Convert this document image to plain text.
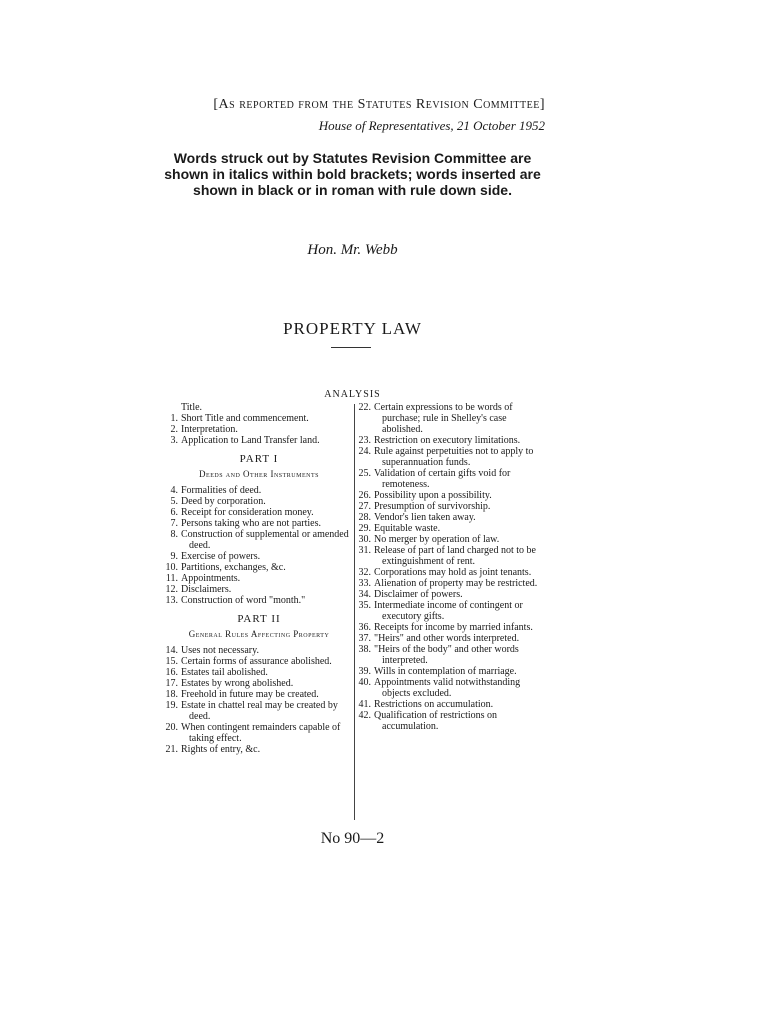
[As reported from the Statutes Revision Committee]
House of Representatives, 21 October 1952
Words struck out by Statutes Revision Committee are shown in italics within bold brackets; words inserted are shown in black or in roman with rule down side.
Hon. Mr. Webb
PROPERTY LAW
ANALYSIS
Title.
1. Short Title and commencement.
2. Interpretation.
3. Application to Land Transfer land.
PART I
Deeds and Other Instruments
4. Formalities of deed.
5. Deed by corporation.
6. Receipt for consideration money.
7. Persons taking who are not parties.
8. Construction of supplemental or amended deed.
9. Exercise of powers.
10. Partitions, exchanges, &c.
11. Appointments.
12. Disclaimers.
13. Construction of word "month."
PART II
General Rules Affecting Property
14. Uses not necessary.
15. Certain forms of assurance abolished.
16. Estates tail abolished.
17. Estates by wrong abolished.
18. Freehold in future may be created.
19. Estate in chattel real may be created by deed.
20. When contingent remainders capable of taking effect.
21. Rights of entry, &c.
22. Certain expressions to be words of purchase; rule in Shelley's case abolished.
23. Restriction on executory limitations.
24. Rule against perpetuities not to apply to superannuation funds.
25. Validation of certain gifts void for remoteness.
26. Possibility upon a possibility.
27. Presumption of survivorship.
28. Vendor's lien taken away.
29. Equitable waste.
30. No merger by operation of law.
31. Release of part of land charged not to be extinguishment of rent.
32. Corporations may hold as joint tenants.
33. Alienation of property may be restricted.
34. Disclaimer of powers.
35. Intermediate income of contingent or executory gifts.
36. Receipts for income by married infants.
37. "Heirs" and other words interpreted.
38. "Heirs of the body" and other words interpreted.
39. Wills in contemplation of marriage.
40. Appointments valid notwithstanding objects excluded.
41. Restrictions on accumulation.
42. Qualification of restrictions on accumulation.
No 90—2
